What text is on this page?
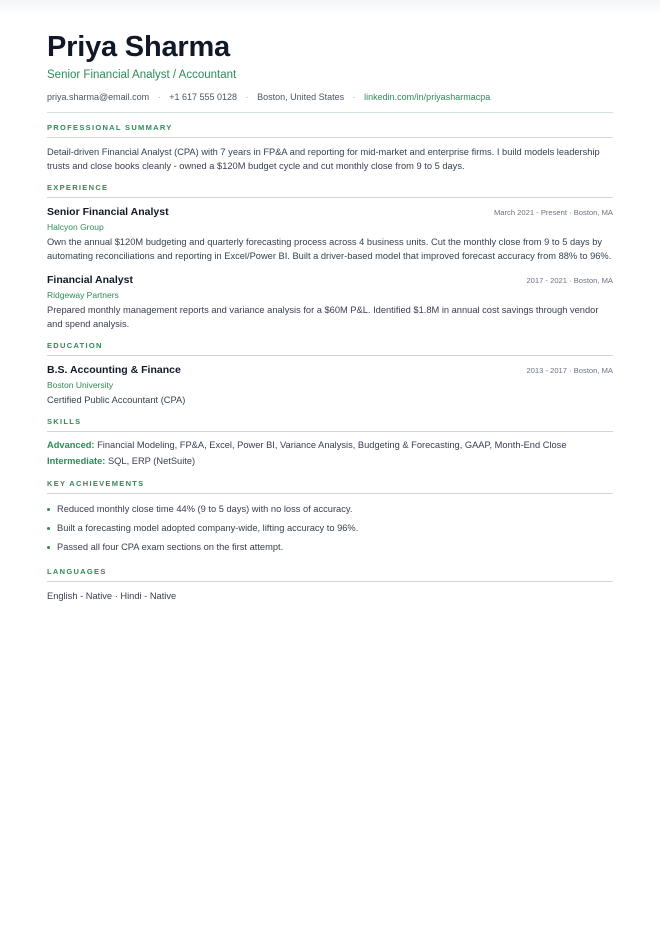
Priya Sharma
Senior Financial Analyst / Accountant
priya.sharma@email.com · +1 617 555 0128 · Boston, United States · linkedin.com/in/priyasharmacpa
PROFESSIONAL SUMMARY
Detail-driven Financial Analyst (CPA) with 7 years in FP&A and reporting for mid-market and enterprise firms. I build models leadership trusts and close books cleanly - owned a $120M budget cycle and cut monthly close from 9 to 5 days.
EXPERIENCE
Senior Financial Analyst	March 2021 - Present · Boston, MA
Halcyon Group
Own the annual $120M budgeting and quarterly forecasting process across 4 business units. Cut the monthly close from 9 to 5 days by automating reconciliations and reporting in Excel/Power BI. Built a driver-based model that improved forecast accuracy from 88% to 96%.
Financial Analyst	2017 - 2021 · Boston, MA
Ridgeway Partners
Prepared monthly management reports and variance analysis for a $60M P&L. Identified $1.8M in annual cost savings through vendor and spend analysis.
EDUCATION
B.S. Accounting & Finance	2013 - 2017 · Boston, MA
Boston University
Certified Public Accountant (CPA)
SKILLS
Advanced: Financial Modeling, FP&A, Excel, Power BI, Variance Analysis, Budgeting & Forecasting, GAAP, Month-End Close
Intermediate: SQL, ERP (NetSuite)
KEY ACHIEVEMENTS
Reduced monthly close time 44% (9 to 5 days) with no loss of accuracy.
Built a forecasting model adopted company-wide, lifting accuracy to 96%.
Passed all four CPA exam sections on the first attempt.
LANGUAGES
English - Native · Hindi - Native
